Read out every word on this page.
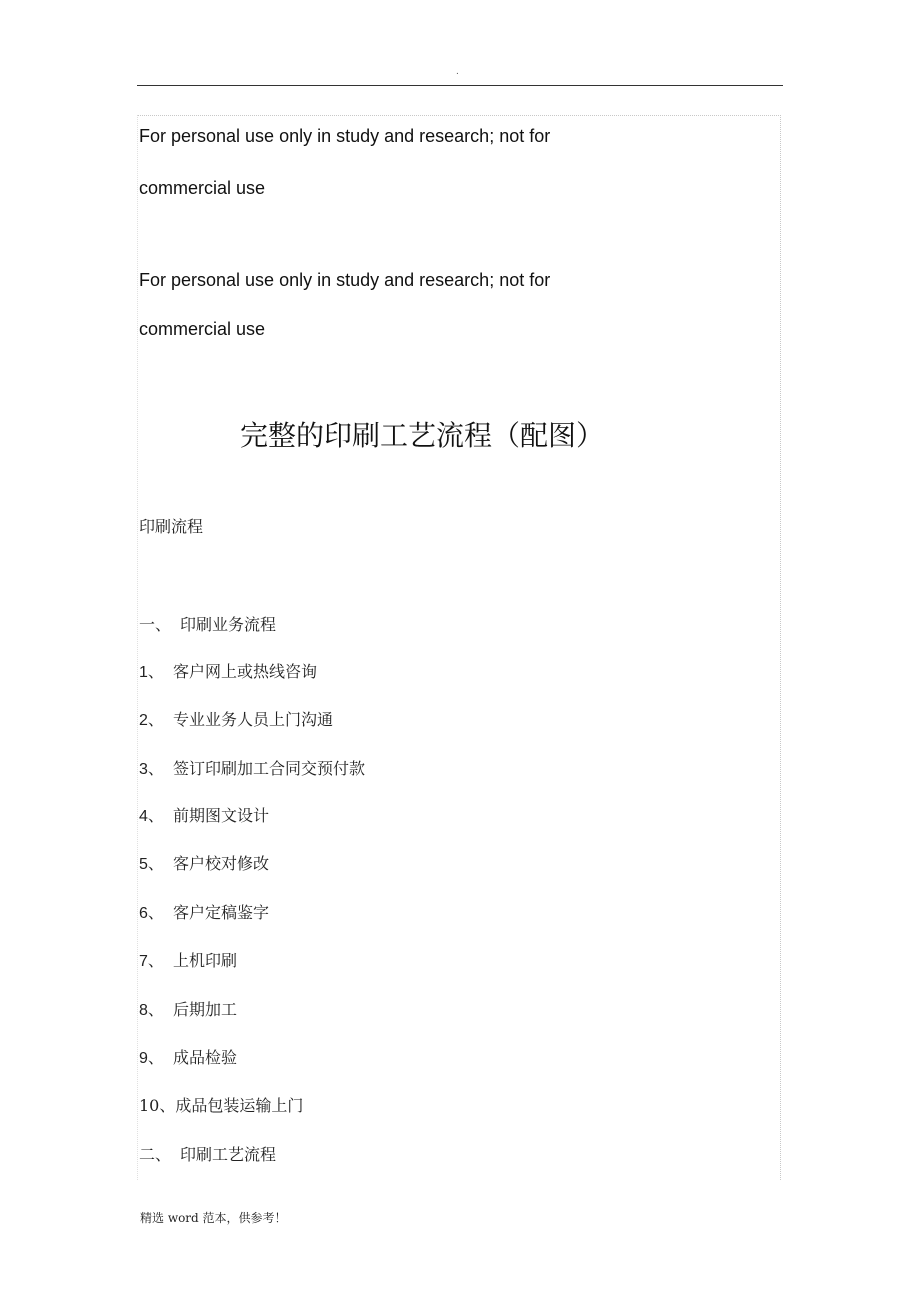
.
For personal use only in study and research; not for
commercial use
For personal use only in study and research; not for
commercial use
完整的印刷工艺流程（配图）
印刷流程
一、 印刷业务流程
1、 客户网上或热线咨询
2、 专业业务人员上门沟通
3、 签订印刷加工合同交预付款
4、 前期图文设计
5、 客户校对修改
6、 客户定稿鉴字
7、 上机印刷
8、 后期加工
9、 成品检验
10、成品包装运输上门
二、 印刷工艺流程
精选 word 范本，供参考！
